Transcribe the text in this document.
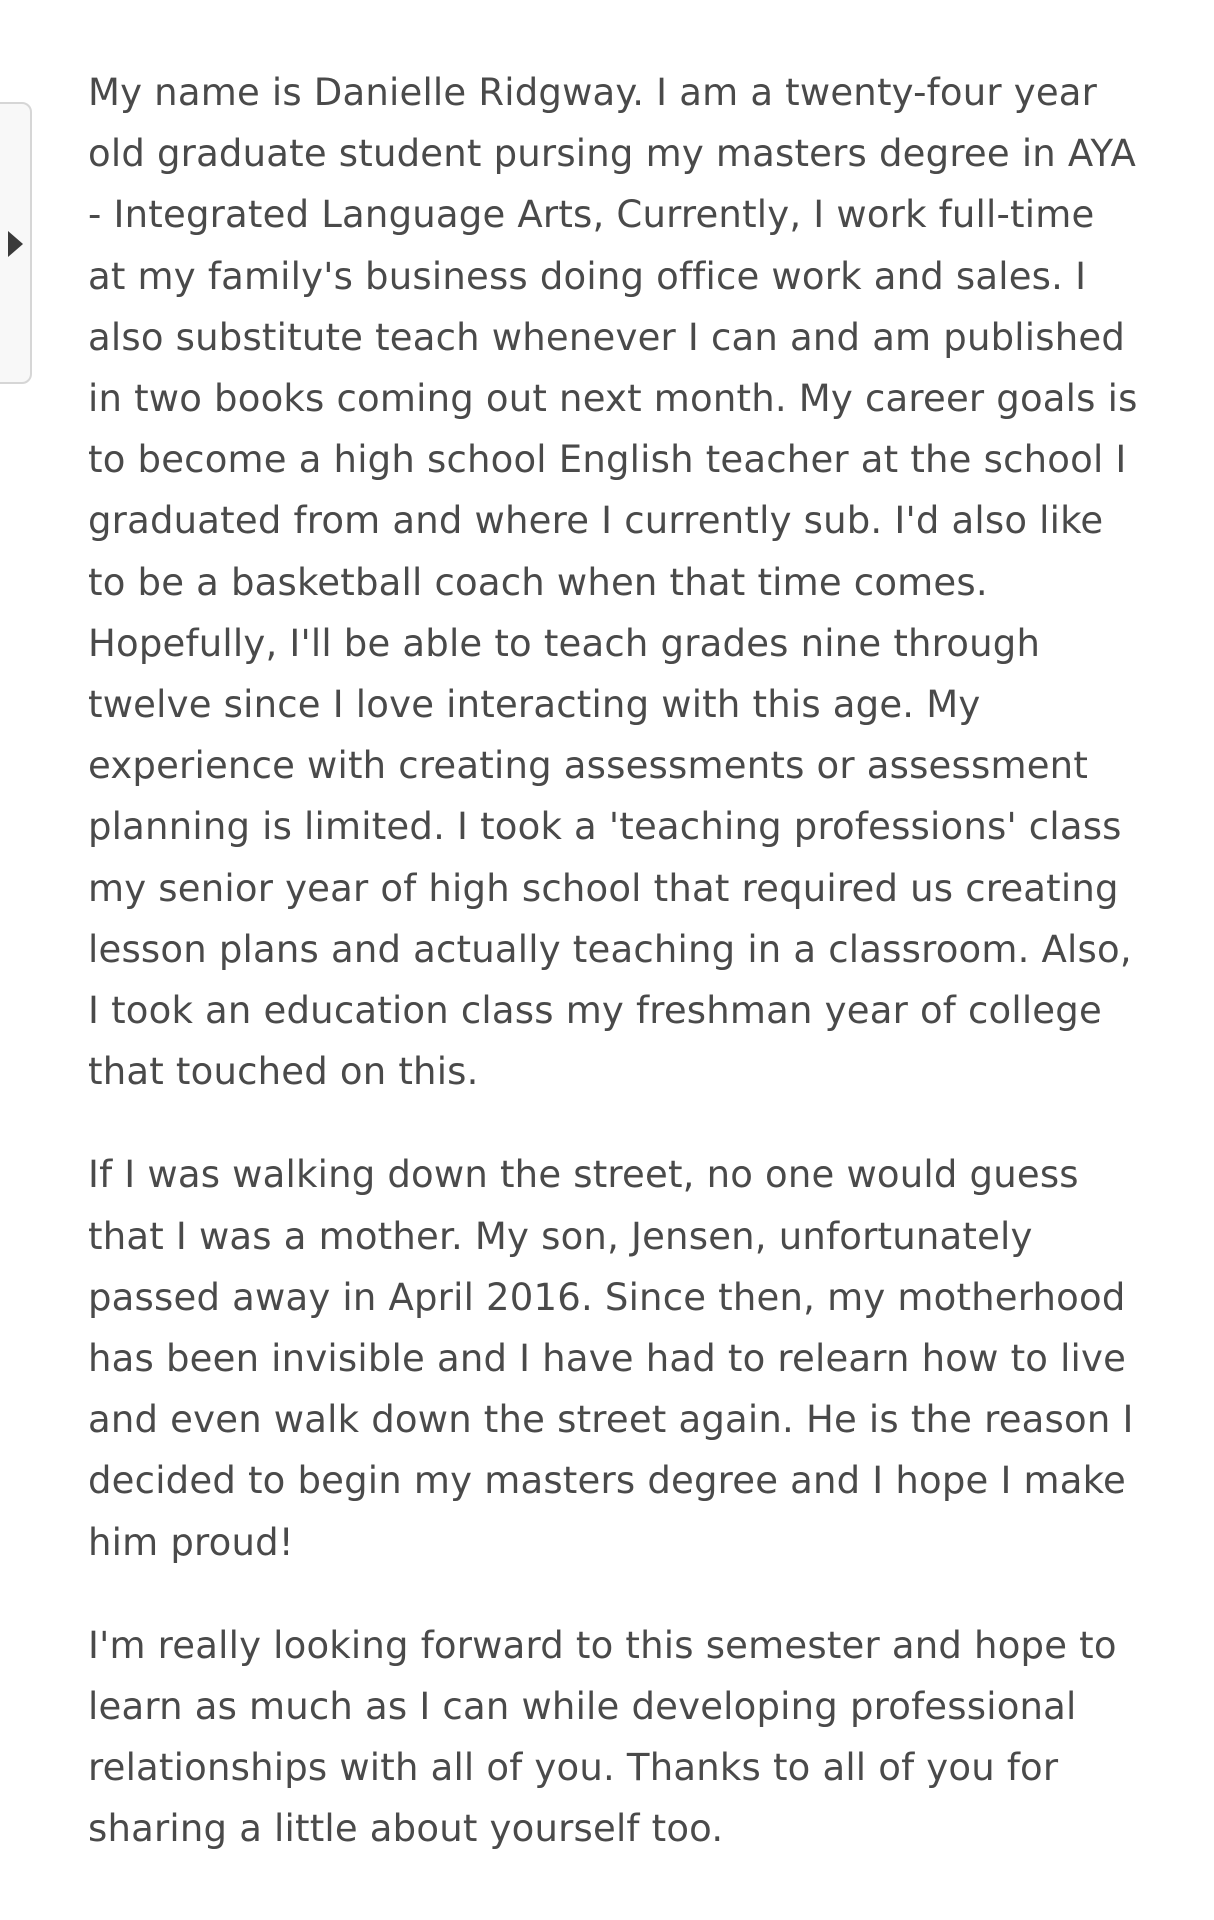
My name is Danielle Ridgway. I am a twenty-four year old graduate student pursing my masters degree in AYA - Integrated Language Arts, Currently, I work full-time at my family's business doing office work and sales. I also substitute teach whenever I can and am published in two books coming out next month. My career goals is to become a high school English teacher at the school I graduated from and where I currently sub. I'd also like to be a basketball coach when that time comes. Hopefully, I'll be able to teach grades nine through twelve since I love interacting with this age. My experience with creating assessments or assessment planning is limited. I took a 'teaching professions' class my senior year of high school that required us creating lesson plans and actually teaching in a classroom. Also, I took an education class my freshman year of college that touched on this.

If I was walking down the street, no one would guess that I was a mother. My son, Jensen, unfortunately passed away in April 2016. Since then, my motherhood has been invisible and I have had to relearn how to live and even walk down the street again. He is the reason I decided to begin my masters degree and I hope I make him proud!

I'm really looking forward to this semester and hope to learn as much as I can while developing professional relationships with all of you. Thanks to all of you for sharing a little about yourself too.
